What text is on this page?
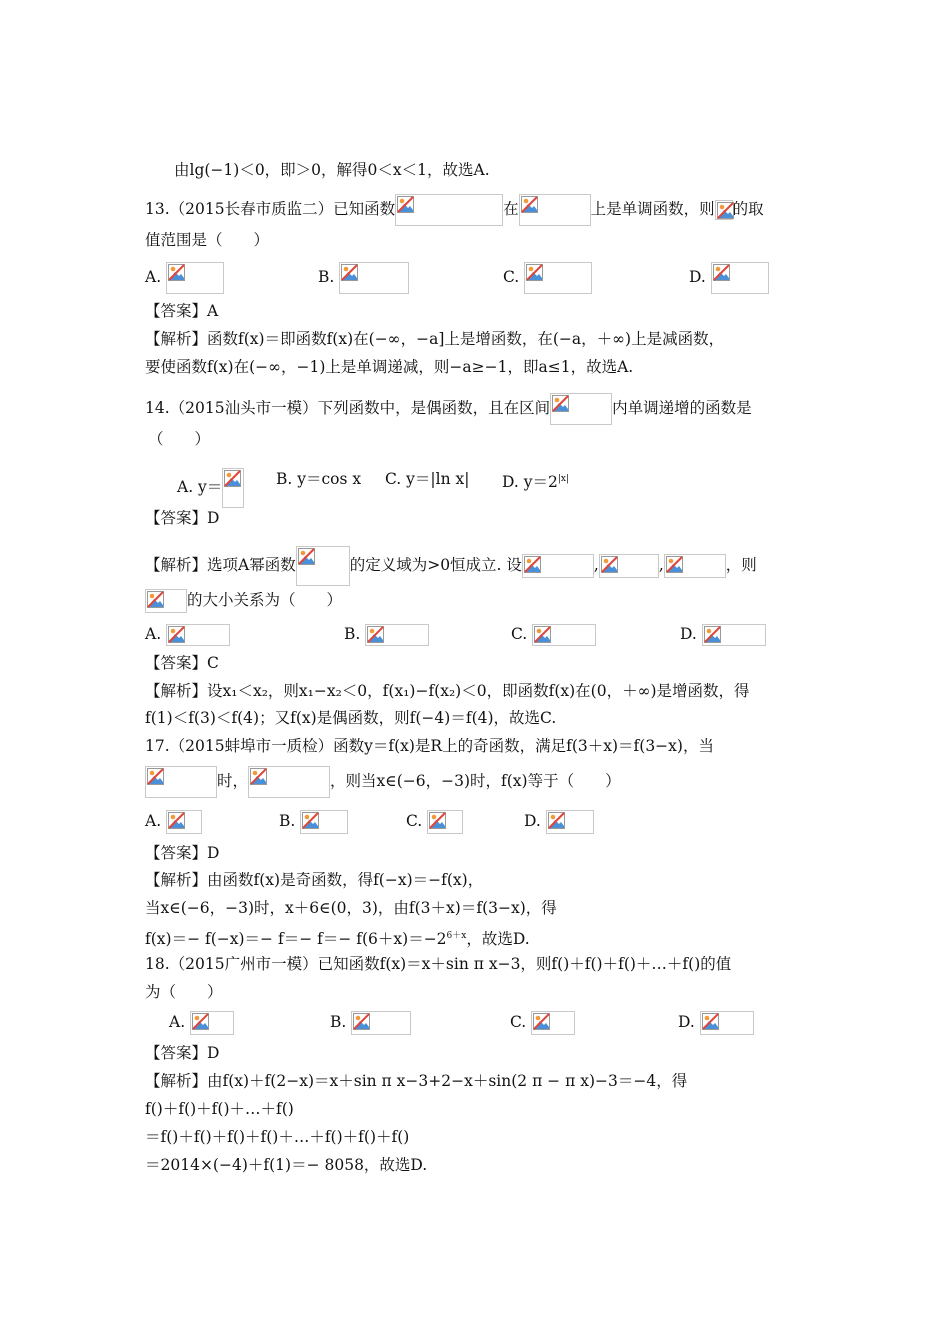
由lg(−1)＜0，即＞0，解得0＜x＜1，故选A.
13.（2015长春市质监二）已知函数	在	上是单调函数，则 的取
值范围是（　　）
A.	B.	C.	D.
【答案】A
【解析】函数f(x)＝即函数f(x)在(−∞，−a]上是增函数，在(−a，＋∞)上是减函数，
要使函数f(x)在(−∞，−1)上是单调递减，则−a≥−1，即a≤1，故选A.
14.（2015汕头市一模）下列函数中，是偶函数，且在区间	内单调递增的函数是
（　　）
A. y＝	B. y＝cos x C. y＝|ln x| D. $y=2^{|x|}$
【答案】D
【解析】选项A幂函数	的定义域为>0恒成立. 设	,	,	，则
的大小关系为（　　）
A.	B.	C.	D.
【答案】C
【解析】设x₁＜x₂，则x₁−x₂＜0，f(x₁)−f(x₂)＜0，即函数f(x)在(0，＋∞)是增函数，得
f(1)＜f(3)＜f(4)；又f(x)是偶函数，则f(−4)＝f(4)，故选C.
17.（2015蚌埠市一质检）函数y＝f(x)是R上的奇函数，满足f(3＋x)＝f(3−x)，当
时，	，则当x∈(−6，−3)时，f(x)等于（　　）
A.	B.	C.	D.
【答案】D
【解析】由函数f(x)是奇函数，得f(−x)＝−f(x)，
当x∈(−6，−3)时，x＋6∈(0，3)，由f(3＋x)＝f(3−x)，得
$f(x)=- f(-x)=- f=- f=- f(6+x)=-2^{6+x}$，故选D.
18.（2015广州市一模）已知函数f(x)＝x＋sin π x−3，则f()＋f()＋f()＋…＋f()的值
为（　　）
A.	B.	C.	D.
【答案】D
【解析】由f(x)＋f(2−x)＝x＋sin π x−3+2−x＋sin(2 π − π x)−3＝−4，得
f()＋f()＋f()＋…＋f()
＝f()＋f()＋f()＋f()＋…＋f()＋f()＋f()
＝2014×(−4)＋f(1)＝− 8058，故选D.
